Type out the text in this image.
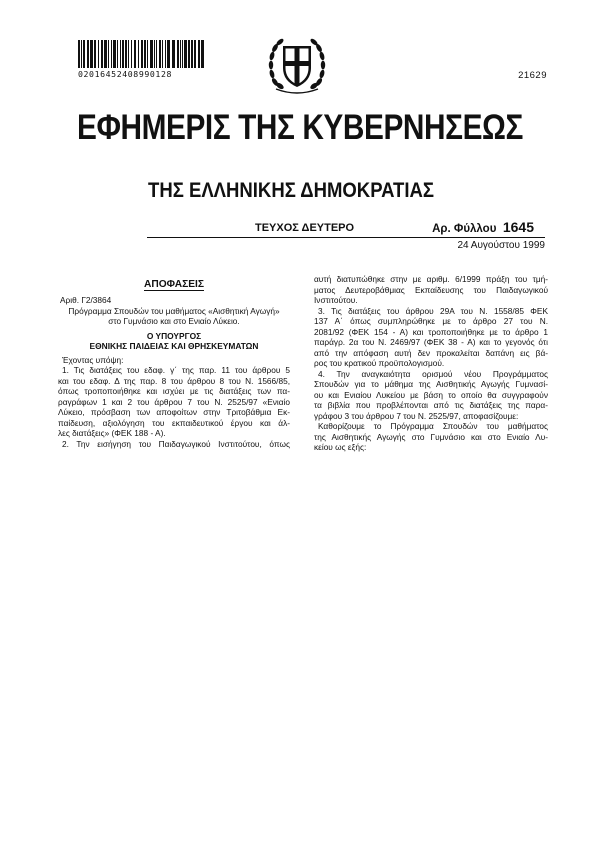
02016452408990128	21629
ΕΦΗΜΕΡΙΣ ΤΗΣ ΚΥΒΕΡΝΗΣΕΩΣ
ΤΗΣ ΕΛΛΗΝΙΚΗΣ ΔΗΜΟΚΡΑΤΙΑΣ
ΤΕΥΧΟΣ ΔΕΥΤΕΡΟ	Αρ. Φύλλου 1645
24 Αυγούστου 1999
ΑΠΟΦΑΣΕΙΣ
Αριθ. Γ2/3864
Πρόγραμμα Σπουδών του μαθήματος «Αισθητική Αγωγή»
στο Γυμνάσιο και στο Ενιαίο Λύκειο.
Ο ΥΠΟΥΡΓΟΣ
ΕΘΝΙΚΗΣ ΠΑΙΔΕΙΑΣ ΚΑΙ ΘΡΗΣΚΕΥΜΑΤΩΝ
Έχοντας υπόψη:
1. Τις διατάξεις του εδαφ. γ΄ της παρ. 11 του άρθρου 5
και του εδαφ. Δ της παρ. 8 του άρθρου 8 του Ν. 1566/85,
όπως τροποποιήθηκε και ισχύει με τις διατάξεις των πα-
ραγράφων 1 και 2 του άρθρου 7 του Ν. 2525/97 «Ενιαίο
Λύκειο, πρόσβαση των αποφοίτων στην Τριτοβάθμια Εκ-
παίδευση, αξιολόγηση του εκπαιδευτικού έργου και άλ-
λες διατάξεις» (ΦΕΚ 188 - Α).
2. Την εισήγηση του Παιδαγωγικού Ινστιτούτου, όπως
αυτή διατυπώθηκε στην με αριθμ. 6/1999 πράξη του τμή-
ματος Δευτεροβάθμιας Εκπαίδευσης του Παιδαγωγικού
Ινστιτούτου.
3. Τις διατάξεις του άρθρου 29Α του Ν. 1558/85 ΦΕΚ
137 Α΄ όπως συμπληρώθηκε με το άρθρο 27 του Ν.
2081/92 (ΦΕΚ 154 - Α) και τροποποιήθηκε με το άρθρο 1
παράγρ. 2α του Ν. 2469/97 (ΦΕΚ 38 - Α) και το γεγονός ότι
από την απόφαση αυτή δεν προκαλείται δαπάνη εις βά-
ρος του κρατικού προϋπολογισμού.
4. Την αναγκαιότητα ορισμού νέου Προγράμματος
Σπουδών για το μάθημα της Αισθητικής Αγωγής Γυμνασί-
ου και Ενιαίου Λυκείου με βάση το οποίο θα συγγραφούν
τα βιβλία που προβλέπονται από τις διατάξεις της παρα-
γράφου 3 του άρθρου 7 του Ν. 2525/97, αποφασίζουμε:
Καθορίζουμε το Πρόγραμμα Σπουδών του μαθήματος
της Αισθητικής Αγωγής στο Γυμνάσιο και στο Ενιαίο Λυ-
κείου ως εξής:
